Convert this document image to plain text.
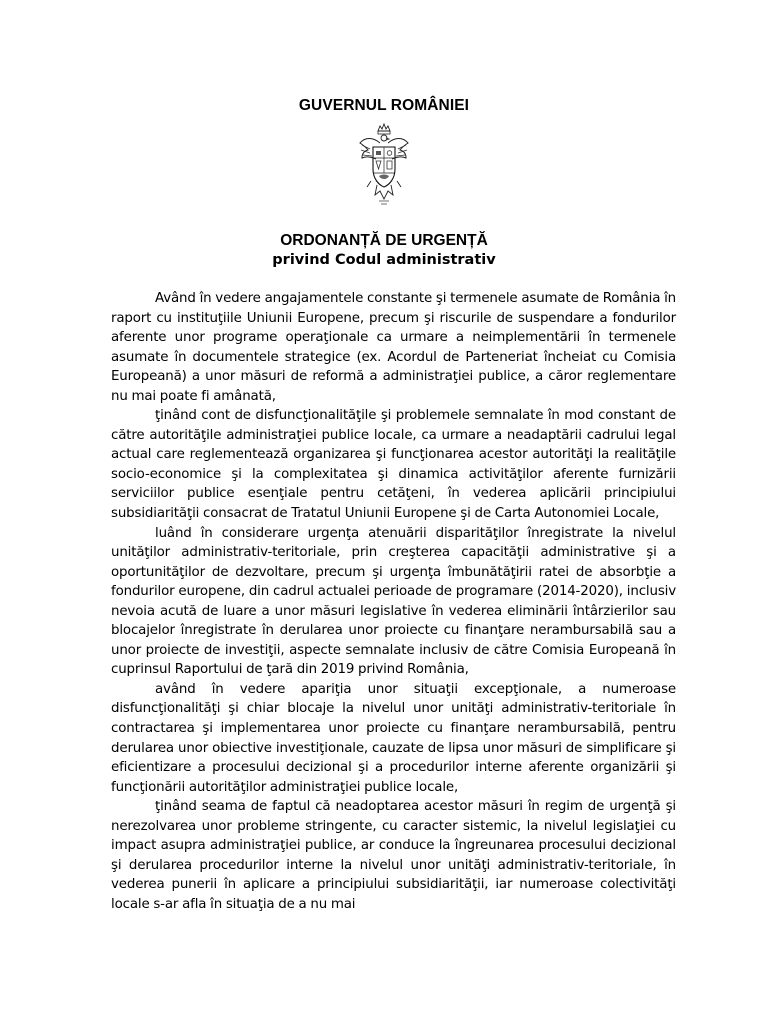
GUVERNUL ROMÂNIEI
ORDONANȚĂ DE URGENȚĂ
privind Codul administrativ

Având în vedere angajamentele constante şi termenele asumate de România în raport cu instituţiile Uniunii Europene, precum şi riscurile de suspendare a fondurilor aferente unor programe operaţionale ca urmare a neimplementării în termenele asumate în documentele strategice (ex. Acordul de Parteneriat încheiat cu Comisia Europeană) a unor măsuri de reformă a administraţiei publice, a căror reglementare nu mai poate fi amânată,

ţinând cont de disfuncţionalităţile şi problemele semnalate în mod constant de către autorităţile administraţiei publice locale, ca urmare a neadaptării cadrului legal actual care reglementează organizarea şi funcţionarea acestor autorităţi la realităţile socio-economice şi la complexitatea şi dinamica activităţilor aferente furnizării serviciilor publice esenţiale pentru cetăţeni, în vederea aplicării principiului subsidiarităţii consacrat de Tratatul Uniunii Europene şi de Carta Autonomiei Locale,

luând în considerare urgenţa atenuării disparităţilor înregistrate la nivelul unităţilor administrativ-teritoriale, prin creşterea capacităţii administrative şi a oportunităţilor de dezvoltare, precum şi urgenţa îmbunătăţirii ratei de absorbţie a fondurilor europene, din cadrul actualei perioade de programare (2014-2020), inclusiv nevoia acută de luare a unor măsuri legislative în vederea eliminării întârzierilor sau blocajelor înregistrate în derularea unor proiecte cu finanţare nerambursabilă sau a unor proiecte de investiţii, aspecte semnalate inclusiv de către Comisia Europeană în cuprinsul Raportului de ţară din 2019 privind România,

având în vedere apariţia unor situaţii excepţionale, a numeroase disfuncţionalităţi şi chiar blocaje la nivelul unor unităţi administrativ-teritoriale în contractarea şi implementarea unor proiecte cu finanţare nerambursabilă, pentru derularea unor obiective investiţionale, cauzate de lipsa unor măsuri de simplificare şi eficientizare a procesului decizional şi a procedurilor interne aferente organizării şi funcţionării autorităţilor administraţiei publice locale,

ţinând seama de faptul că neadoptarea acestor măsuri în regim de urgenţă şi nerezolvarea unor probleme stringente, cu caracter sistemic, la nivelul legislaţiei cu impact asupra administraţiei publice, ar conduce la îngreunarea procesului decizional şi derularea procedurilor interne la nivelul unor unităţi administrativ-teritoriale, în vederea punerii în aplicare a principiului subsidiarităţii, iar numeroase colectivităţi locale s-ar afla în situaţia de a nu mai
